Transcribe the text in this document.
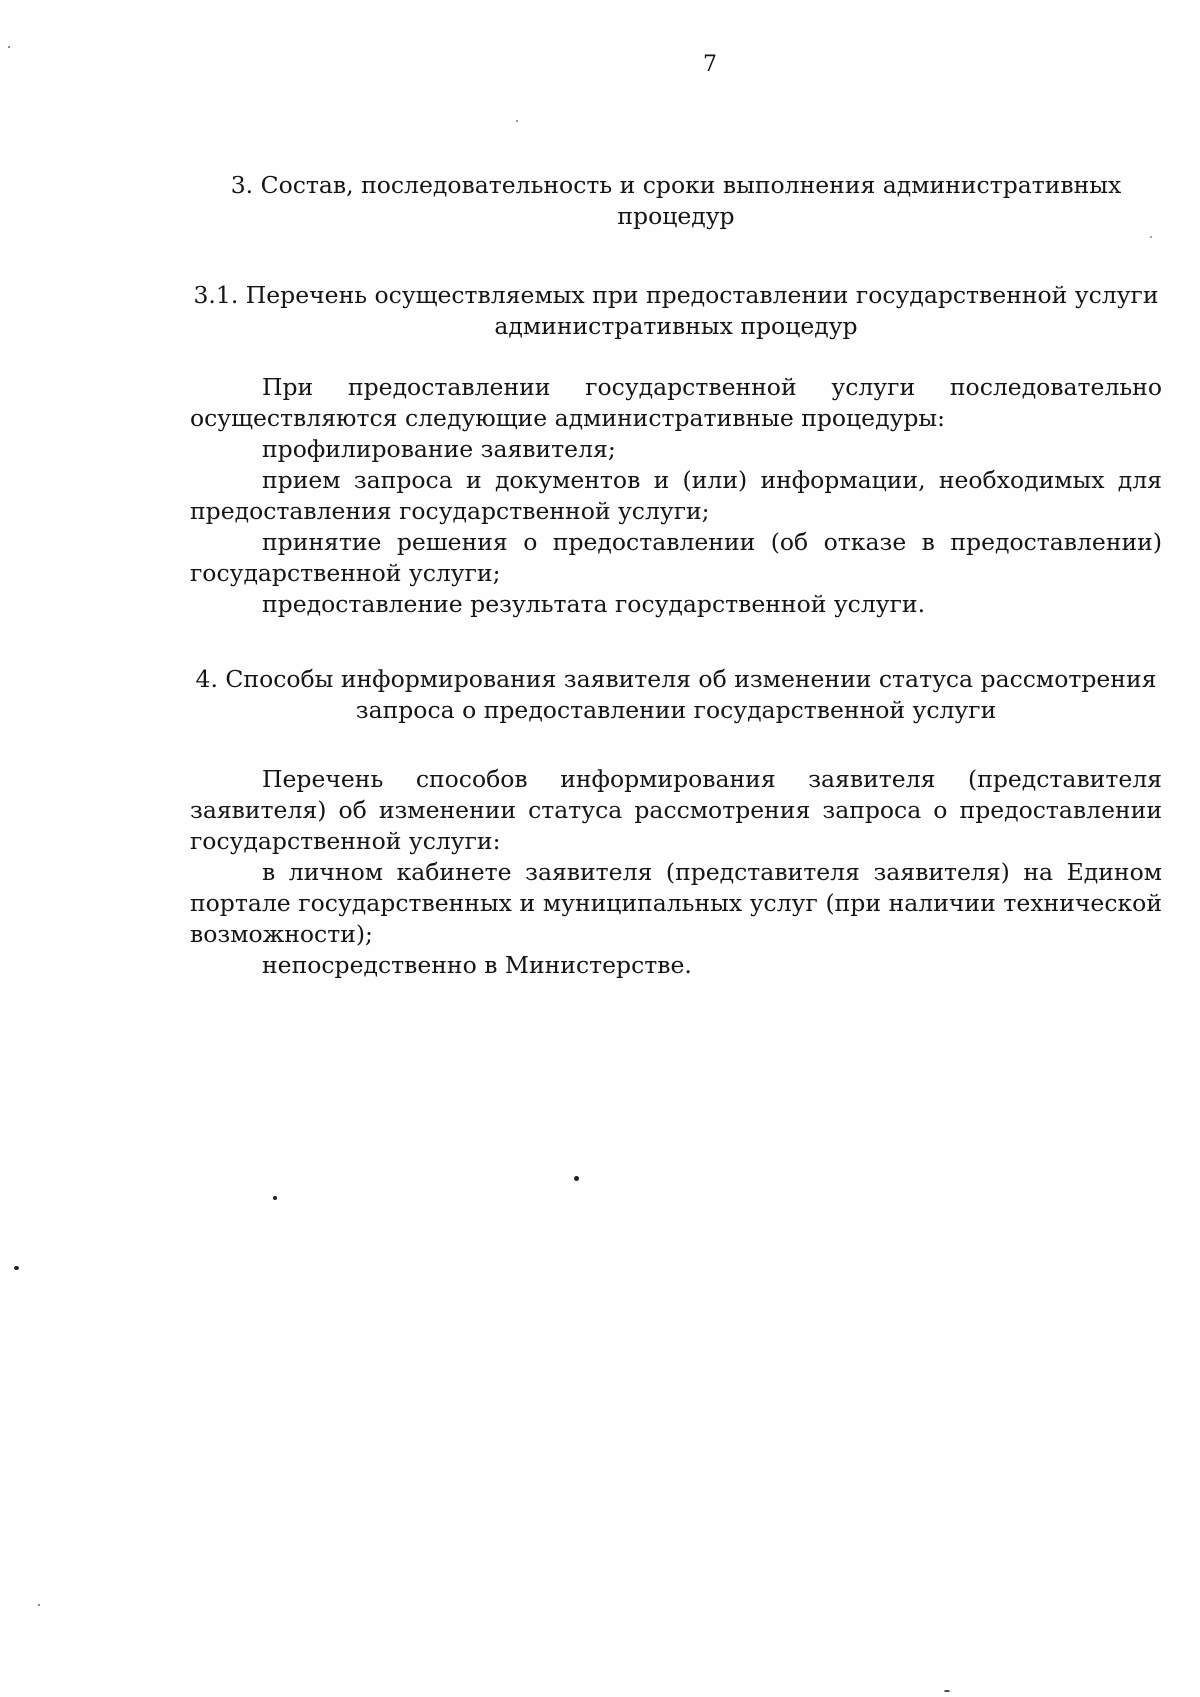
7
3. Состав, последовательность и сроки выполнения административных
процедур
3.1. Перечень осуществляемых при предоставлении государственной услуги
административных процедур

При предоставлении государственной услуги последовательно осуществляются следующие административные процедуры:

профилирование заявителя;

прием запроса и документов и (или) информации, необходимых для предоставления государственной услуги;

принятие решения о предоставлении (об отказе в предоставлении) государственной услуги;

предоставление результата государственной услуги.

4. Способы информирования заявителя об изменении статуса рассмотрения
запроса о предоставлении государственной услуги

Перечень способов информирования заявителя (представителя заявителя) об изменении статуса рассмотрения запроса о предоставлении государственной услуги:

в личном кабинете заявителя (представителя заявителя) на Едином портале государственных и муниципальных услуг (при наличии технической возможности);

непосредственно в Министерстве.
